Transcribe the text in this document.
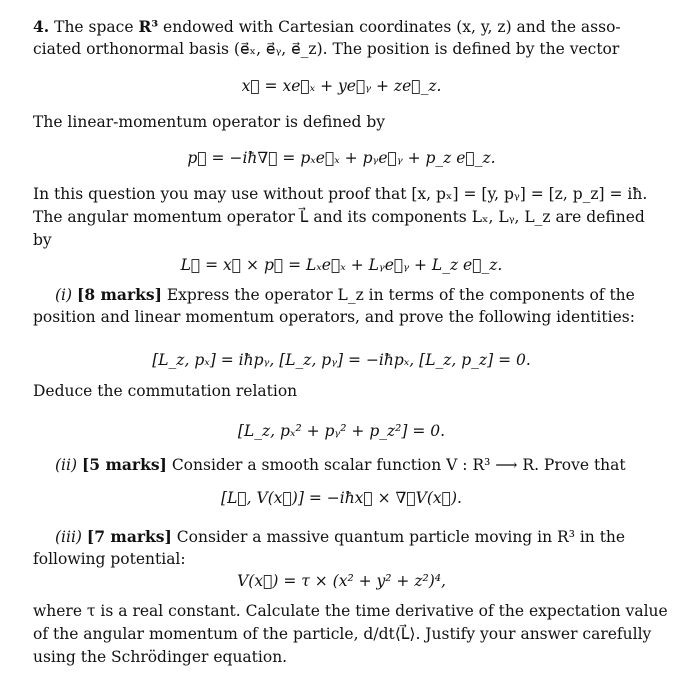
4. The space R³ endowed with Cartesian coordinates (x, y, z) and the asso-
ciated orthonormal basis (e⃗ₓ, e⃗ᵧ, e⃗_z). The position is defined by the vector
x⃗ = xe⃗ₓ + ye⃗ᵧ + ze⃗_z.
The linear-momentum operator is defined by
p⃗ = −iħ∇⃗ = pₓe⃗ₓ + pᵧe⃗ᵧ + p_z e⃗_z.
In this question you may use without proof that [x, pₓ] = [y, pᵧ] = [z, p_z] = iħ.
The angular momentum operator L⃗ and its components Lₓ, Lᵧ, L_z are defined
by
L⃗ = x⃗ × p⃗ = Lₓe⃗ₓ + Lᵧe⃗ᵧ + L_z e⃗_z.
(i) [8 marks] Express the operator L_z in terms of the components of the
position and linear momentum operators, and prove the following identities:
[L_z, pₓ] = iħpᵧ, [L_z, pᵧ] = −iħpₓ, [L_z, p_z] = 0.
Deduce the commutation relation
[L_z, pₓ² + pᵧ² + p_z²] = 0.
(ii) [5 marks] Consider a smooth scalar function V : R³ ⟶ R. Prove that
[L⃗, V(x⃗)] = −iħx⃗ × ∇⃗V(x⃗).
(iii) [7 marks] Consider a massive quantum particle moving in R³ in the
following potential:
V(x⃗) = τ × (x² + y² + z²)⁴,
where τ is a real constant. Calculate the time derivative of the expectation value
of the angular momentum of the particle, d/dt⟨L⃗⟩. Justify your answer carefully
using the Schrödinger equation.
